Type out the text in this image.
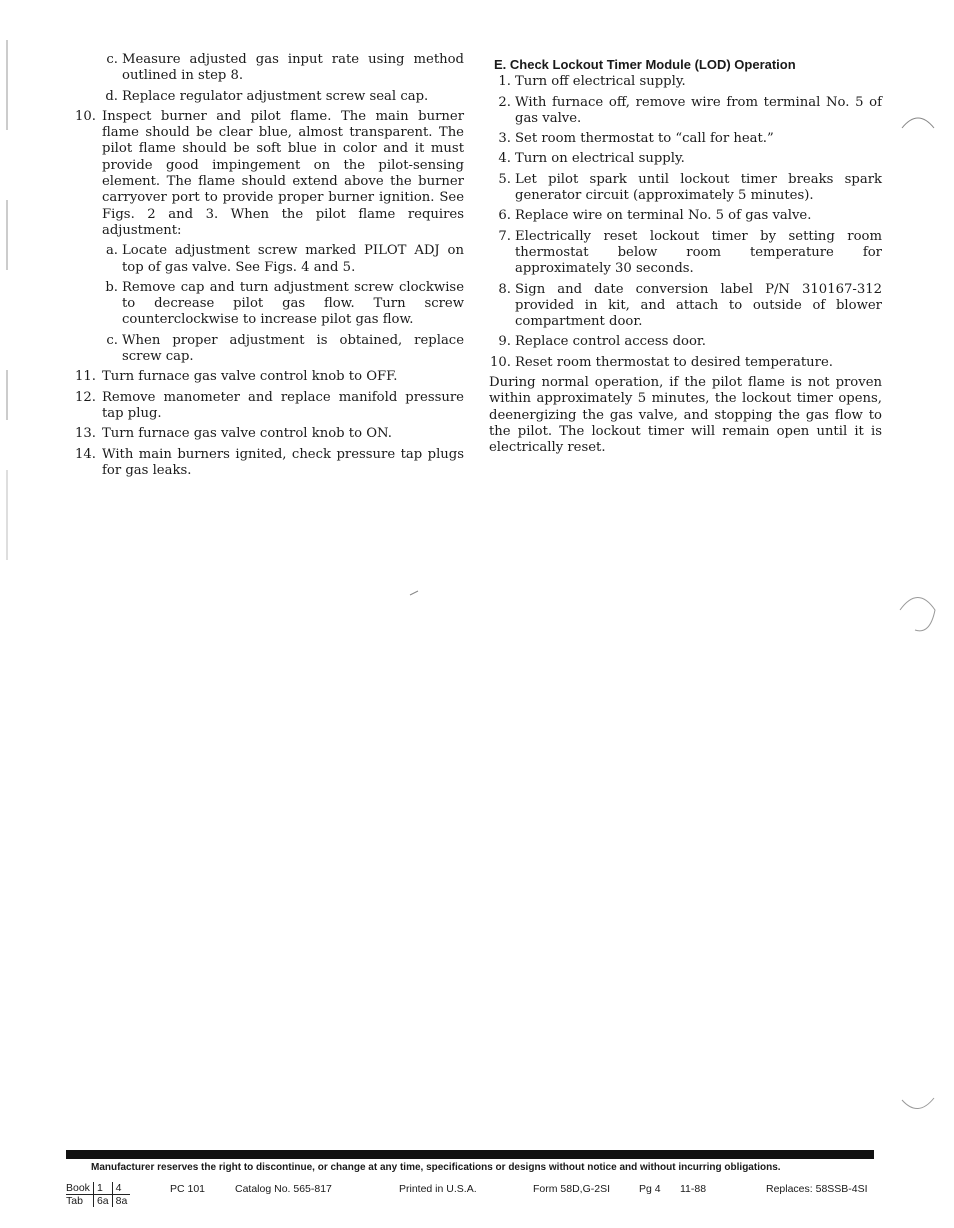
c. Measure adjusted gas input rate using method outlined in step 8.
d. Replace regulator adjustment screw seal cap.
10. Inspect burner and pilot flame. The main burner flame should be clear blue, almost transparent. The pilot flame should be soft blue in color and it must provide good impingement on the pilot-sensing element. The flame should extend above the burner carryover port to provide proper burner ignition. See Figs. 2 and 3. When the pilot flame requires adjustment:
a. Locate adjustment screw marked PILOT ADJ on top of gas valve. See Figs. 4 and 5.
b. Remove cap and turn adjustment screw clockwise to decrease pilot gas flow. Turn screw counterclockwise to increase pilot gas flow.
c. When proper adjustment is obtained, replace screw cap.
11. Turn furnace gas valve control knob to OFF.
12. Remove manometer and replace manifold pressure tap plug.
13. Turn furnace gas valve control knob to ON.
14. With main burners ignited, check pressure tap plugs for gas leaks.
E. Check Lockout Timer Module (LOD) Operation
1. Turn off electrical supply.
2. With furnace off, remove wire from terminal No. 5 of gas valve.
3. Set room thermostat to “call for heat.”
4. Turn on electrical supply.
5. Let pilot spark until lockout timer breaks spark generator circuit (approximately 5 minutes).
6. Replace wire on terminal No. 5 of gas valve.
7. Electrically reset lockout timer by setting room thermostat below room temperature for approximately 30 seconds.
8. Sign and date conversion label P/N 310167-312 provided in kit, and attach to outside of blower compartment door.
9. Replace control access door.
10. Reset room thermostat to desired temperature.
During normal operation, if the pilot flame is not proven within approximately 5 minutes, the lockout timer opens, deenergizing the gas valve, and stopping the gas flow to the pilot. The lockout timer will remain open until it is electrically reset.
Manufacturer reserves the right to discontinue, or change at any time, specifications or designs without notice and without incurring obligations.
Book	1	4
Tab	6a	8a
PC 101	Catalog No. 565-817	Printed in U.S.A.	Form 58D,G-2SI	Pg 4 11-88	Replaces: 58SSB-4SI
